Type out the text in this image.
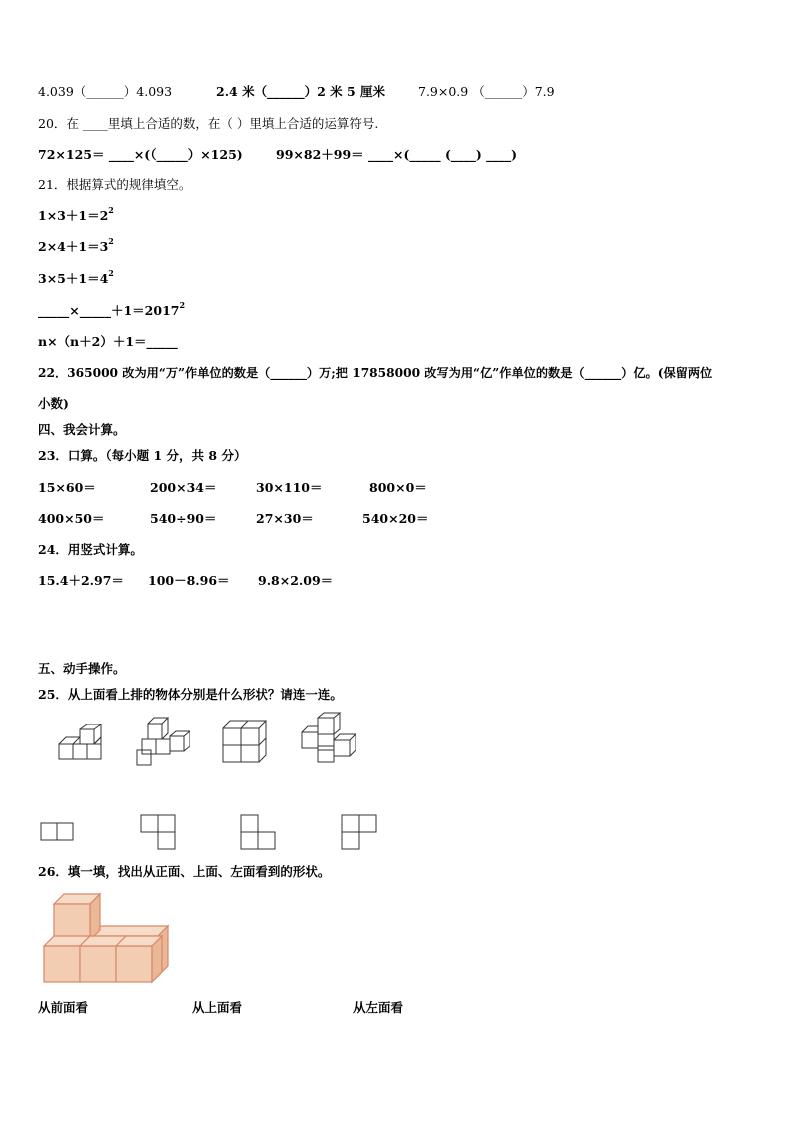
4.039（______）4.093	2.4 米（______）2 米 5 厘米	7.9×0.9 （______）7.9
20．在 ____里填上合适的数，在（ ）里填上合适的运算符号.
72×125＝ ____×(（_____）×125)	99×82＋99＝ ____×(_____ (____) ____)
21．根据算式的规律填空。
$1\times 3+1=2^2$
$2\times 4+1=3^2$
$3\times 5+1=4^2$
$\_\_\_\_\_\times\_\_\_\_\_+1=2017^2$
n×（n＋2）＋1＝_____
22．365000 改为用“万”作单位的数是（______）万;把 17858000 改写为用“亿”作单位的数是（______）亿。(保留两位
小数)
四、我会计算。
23．口算。（每小题 1 分，共 8 分）
15×60＝	200×34＝	30×110＝	800×0＝
400×50＝	540÷90＝	27×30＝	540×20＝
24．用竖式计算。
15.4＋2.97＝ 100－8.96＝ 9.8×2.09＝
五、动手操作。
25．从上面看上排的物体分别是什么形状？请连一连。
26．填一填，找出从正面、上面、左面看到的形状。
从前面看	从上面看	从左面看
